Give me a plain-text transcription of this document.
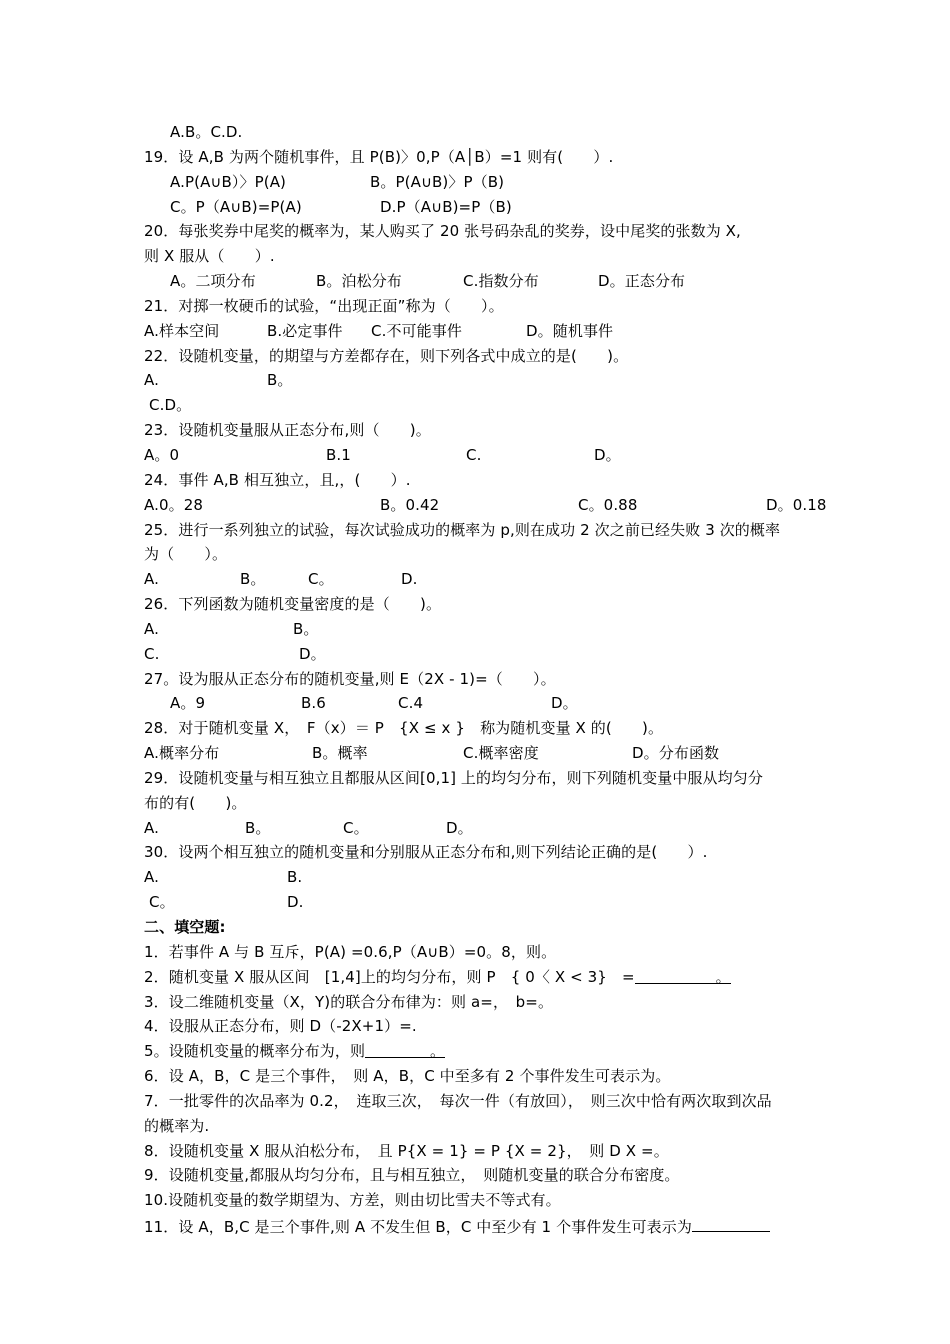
A.B。C.D.
19．设 A,B 为两个随机事件，且 P(B)〉0,P（A│B）=1 则有(　　）.
A.P(A∪B）〉P(A)	B。P(A∪B)〉P（B)
C。P（A∪B)=P(A)	D.P（A∪B)=P（B)
20．每张奖券中尾奖的概率为，某人购买了 20 张号码杂乱的奖券，设中尾奖的张数为 X,
则 X 服从（　　）.
A。二项分布	B。泊松分布	C.指数分布	D。正态分布
21．对掷一枚硬币的试验，“出现正面”称为（　　）。
A.样本空间	B.必定事件 C.不可能事件	D。随机事件
22．设随机变量，的期望与方差都存在，则下列各式中成立的是(　　)。
A.	B。
C.D。
23．设随机变量服从正态分布,则（　　)。
A。0	B.1	C.	D。
24．事件 A,B 相互独立，且,，(　　）.
A.0。28	B。0.42	C。0.88	D。0.18
25．进行一系列独立的试验，每次试验成功的概率为 p,则在成功 2 次之前已经失败 3 次的概率
为（　　）。
A.	B。	C。	D.
26．下列函数为随机变量密度的是（　　)。
A.	B。
C.	D。
27。设为服从正态分布的随机变量,则 E（2X - 1)=（　　）。
A。9	B.6	C.4	D。
28．对于随机变量 X，　F（x）＝ P　{X ≤ x }　称为随机变量 X 的(　　)。
A.概率分布	B。概率	C.概率密度	D。分布函数
29．设随机变量与相互独立且都服从区间[0,1] 上的均匀分布，则下列随机变量中服从均匀分
布的有(　　)。
A.	B。	C。	D。
30．设两个相互独立的随机变量和分别服从正态分布和,则下列结论正确的是(　　）.
A.	B.
C。	D.
二、填空题:
1．若事件 A 与 B 互斥，P(A) =0.6,P（A∪B）=0。8，则。
2．随机变量 X 服从区间　[1,4]上的均匀分布，则 P　{ 0〈 X < 3}　=	。
3．设二维随机变量（X，Y)的联合分布律为：则 a=，　b=。
4．设服从正态分布，则 D（-2X+1）=.
5。设随机变量的概率分布为，则	。
6．设 A，B，C 是三个事件，　则 A，B，C 中至多有 2 个事件发生可表示为。
7．一批零件的次品率为 0.2，　连取三次，　每次一件（有放回），　则三次中恰有两次取到次品
的概率为.
8．设随机变量 X 服从泊松分布，　且 P{X = 1} = P {X = 2}，　则 D X =。
9．设随机变量,都服从均匀分布，且与相互独立，　则随机变量的联合分布密度。
10.设随机变量的数学期望为、方差，则由切比雪夫不等式有。
11．设 A，B,C 是三个事件,则 A 不发生但 B，C 中至少有 1 个事件发生可表示为
